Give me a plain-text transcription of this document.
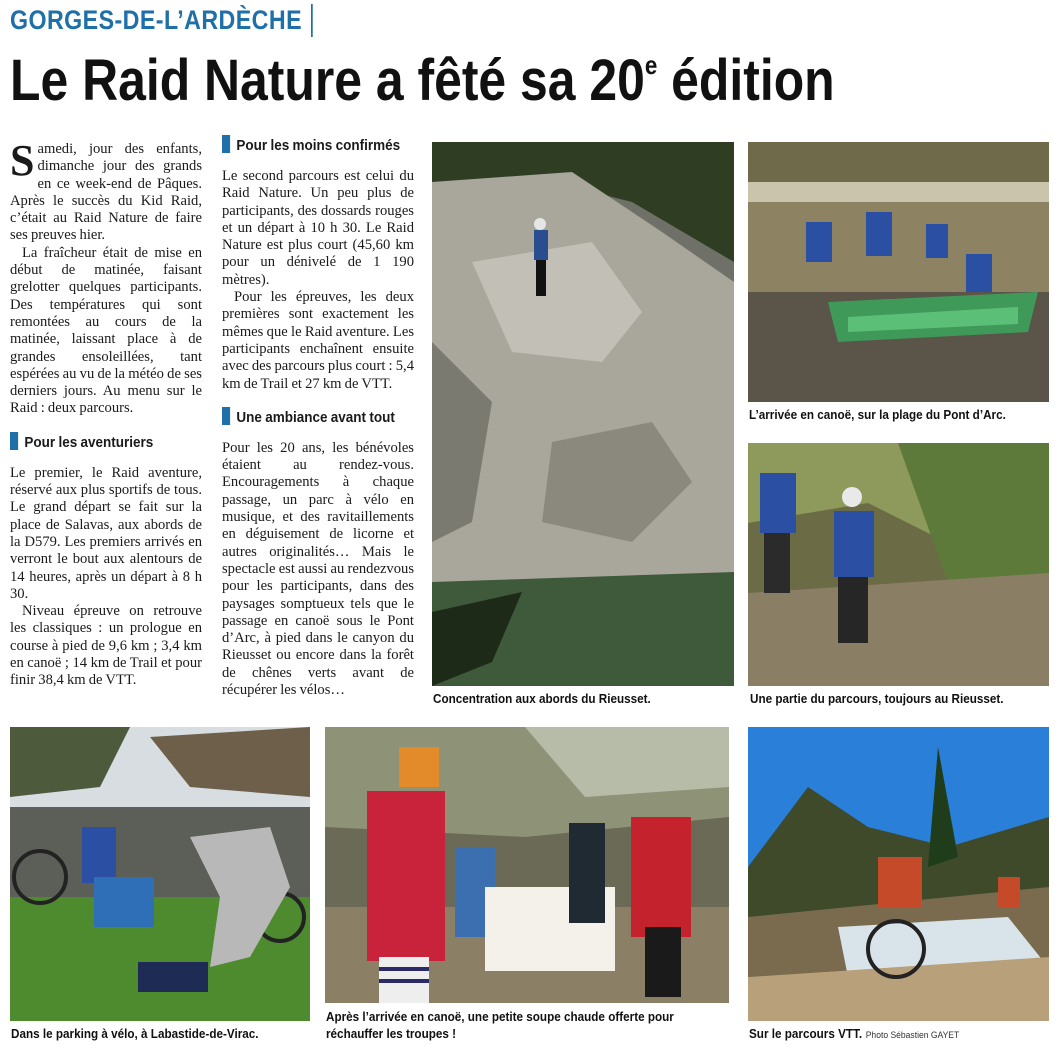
GORGES-DE-L’ARDÈCHE
Le Raid Nature a fêté sa 20e édition

Samedi, jour des enfants, dimanche jour des grands en ce week-end de Pâques. Après le succès du Kid Raid, c’était au Raid Nature de faire ses preuves hier.

La fraîcheur était de mise en début de matinée, faisant grelotter quelques participants. Des températures qui sont remontées au cours de la matinée, laissant place à de grandes ensoleillées, tant espérées au vu de la météo de ses derniers jours. Au menu sur le Raid : deux parcours.

Pour les aventuriers

Le premier, le Raid aventure, réservé aux plus sportifs de tous. Le grand départ se fait sur la place de Salavas, aux abords de la D579. Les premiers arrivés en verront le bout aux alentours de 14 heures, après un départ à 8 h 30.

Niveau épreuve on retrouve les classiques : un prologue en course à pied de 9,6 km ; 3,4 km en canoë ; 14 km de Trail et pour finir 38,4 km de VTT.

Pour les moins confirmés

Le second parcours est celui du Raid Nature. Un peu plus de participants, des dossards rouges et un départ à 10 h 30. Le Raid Nature est plus court (45,60 km pour un dénivelé de 1 190 mètres).

Pour les épreuves, les deux premières sont exactement les mêmes que le Raid aventure. Les participants enchaînent ensuite avec des parcours plus court : 5,4 km de Trail et 27 km de VTT.

Une ambiance avant tout

Pour les 20 ans, les bénévoles étaient au rendez-vous. Encouragements à chaque passage, un parc à vélo en musique, et des ravitaillements en déguisement de licorne et autres originalités… Mais le spectacle est aussi au rendezvous pour les participants, dans des paysages somptueux tels que le passage en canoë sous le Pont d’Arc, à pied dans le canyon du Rieusset ou encore dans la forêt de chênes verts avant de récupérer les vélos…

Concentration aux abords du Rieusset.
L’arrivée en canoë, sur la plage du Pont d’Arc.
Une partie du parcours, toujours au Rieusset.
Dans le parking à vélo, à Labastide-de-Virac.
Après l’arrivée en canoë, une petite soupe chaude offerte pour
réchauffer les troupes !	Sur le parcours VTT. Photo Sébastien GAYET
